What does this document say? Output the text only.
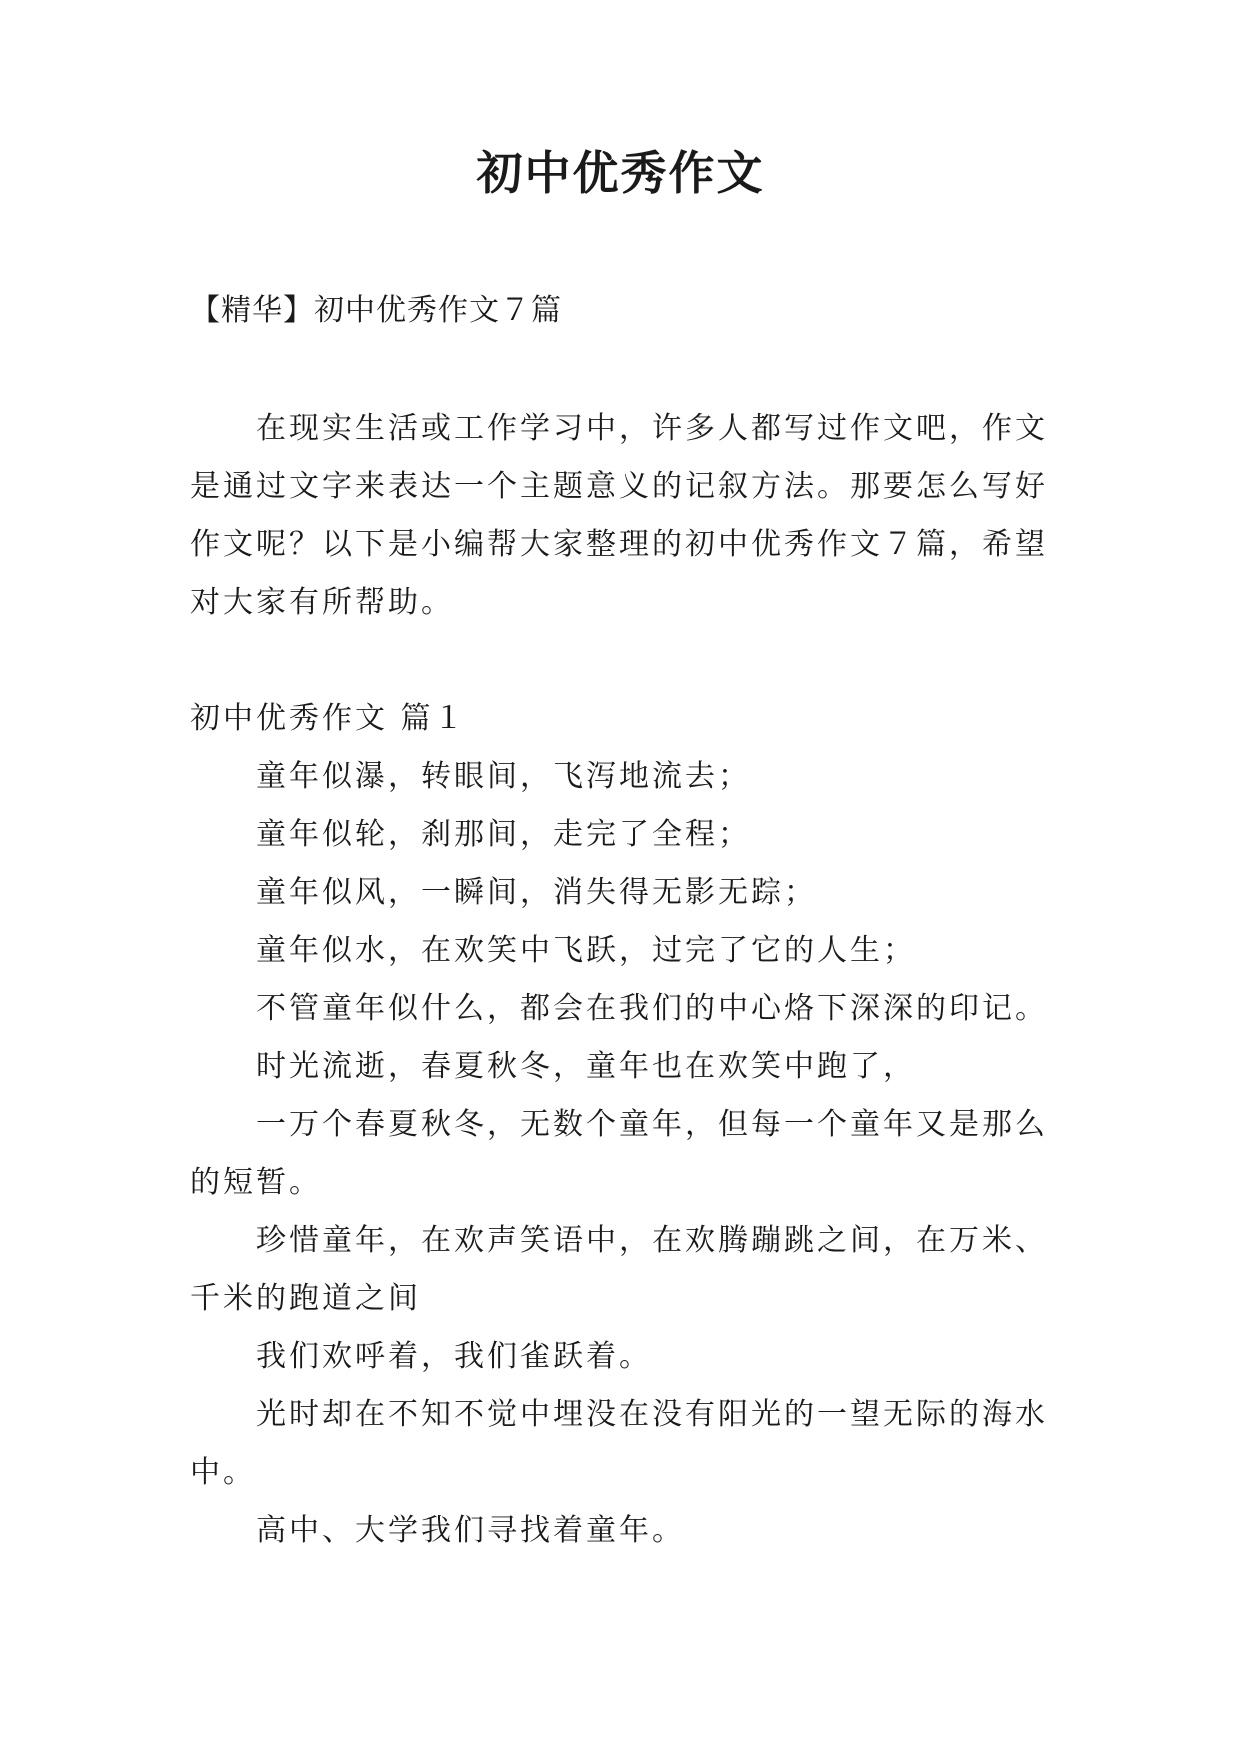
初中优秀作文
【精华】初中优秀作文７篇

在现实生活或工作学习中，许多人都写过作文吧，作文是通过文字来表达一个主题意义的记叙方法。那要怎么写好作文呢？以下是小编帮大家整理的初中优秀作文７篇，希望对大家有所帮助。

初中优秀作文 篇１

童年似瀑，转眼间，飞泻地流去；

童年似轮，刹那间，走完了全程；

童年似风，一瞬间，消失得无影无踪；

童年似水，在欢笑中飞跃，过完了它的人生；

不管童年似什么，都会在我们的中心烙下深深的印记。

时光流逝，春夏秋冬，童年也在欢笑中跑了，

一万个春夏秋冬，无数个童年，但每一个童年又是那么的短暂。

珍惜童年，在欢声笑语中，在欢腾蹦跳之间，在万米、千米的跑道之间

我们欢呼着，我们雀跃着。

光时却在不知不觉中埋没在没有阳光的一望无际的海水中。

高中、大学我们寻找着童年。
